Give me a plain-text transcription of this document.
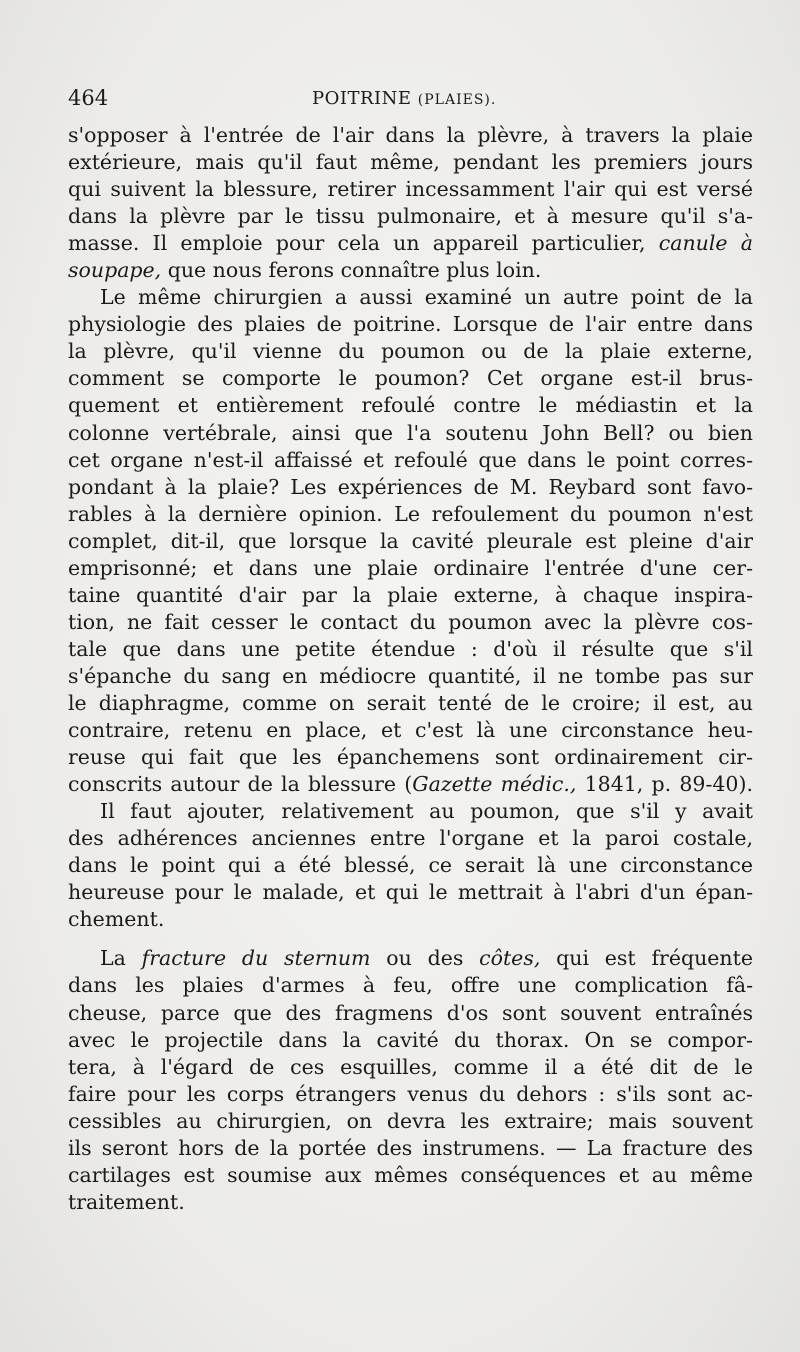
464	POITRINE (PLAIES).
s'opposer à l'entrée de l'air dans la plèvre, à travers la plaie
extérieure, mais qu'il faut même, pendant les premiers jours
qui suivent la blessure, retirer incessamment l'air qui est versé
dans la plèvre par le tissu pulmonaire, et à mesure qu'il s'a-
masse. Il emploie pour cela un appareil particulier, canule à
soupape, que nous ferons connaître plus loin.
Le même chirurgien a aussi examiné un autre point de la
physiologie des plaies de poitrine. Lorsque de l'air entre dans
la plèvre, qu'il vienne du poumon ou de la plaie externe,
comment se comporte le poumon? Cet organe est-il brus-
quement et entièrement refoulé contre le médiastin et la
colonne vertébrale, ainsi que l'a soutenu John Bell? ou bien
cet organe n'est-il affaissé et refoulé que dans le point corres-
pondant à la plaie? Les expériences de M. Reybard sont favo-
rables à la dernière opinion. Le refoulement du poumon n'est
complet, dit-il, que lorsque la cavité pleurale est pleine d'air
emprisonné; et dans une plaie ordinaire l'entrée d'une cer-
taine quantité d'air par la plaie externe, à chaque inspira-
tion, ne fait cesser le contact du poumon avec la plèvre cos-
tale que dans une petite étendue : d'où il résulte que s'il
s'épanche du sang en médiocre quantité, il ne tombe pas sur
le diaphragme, comme on serait tenté de le croire; il est, au
contraire, retenu en place, et c'est là une circonstance heu-
reuse qui fait que les épanchemens sont ordinairement cir-
conscrits autour de la blessure (Gazette médic., 1841, p. 89-40).
Il faut ajouter, relativement au poumon, que s'il y avait
des adhérences anciennes entre l'organe et la paroi costale,
dans le point qui a été blessé, ce serait là une circonstance
heureuse pour le malade, et qui le mettrait à l'abri d'un épan-
chement.
La fracture du sternum ou des côtes, qui est fréquente
dans les plaies d'armes à feu, offre une complication fâ-
cheuse, parce que des fragmens d'os sont souvent entraînés
avec le projectile dans la cavité du thorax. On se compor-
tera, à l'égard de ces esquilles, comme il a été dit de le
faire pour les corps étrangers venus du dehors : s'ils sont ac-
cessibles au chirurgien, on devra les extraire; mais souvent
ils seront hors de la portée des instrumens. — La fracture des
cartilages est soumise aux mêmes conséquences et au même
traitement.
